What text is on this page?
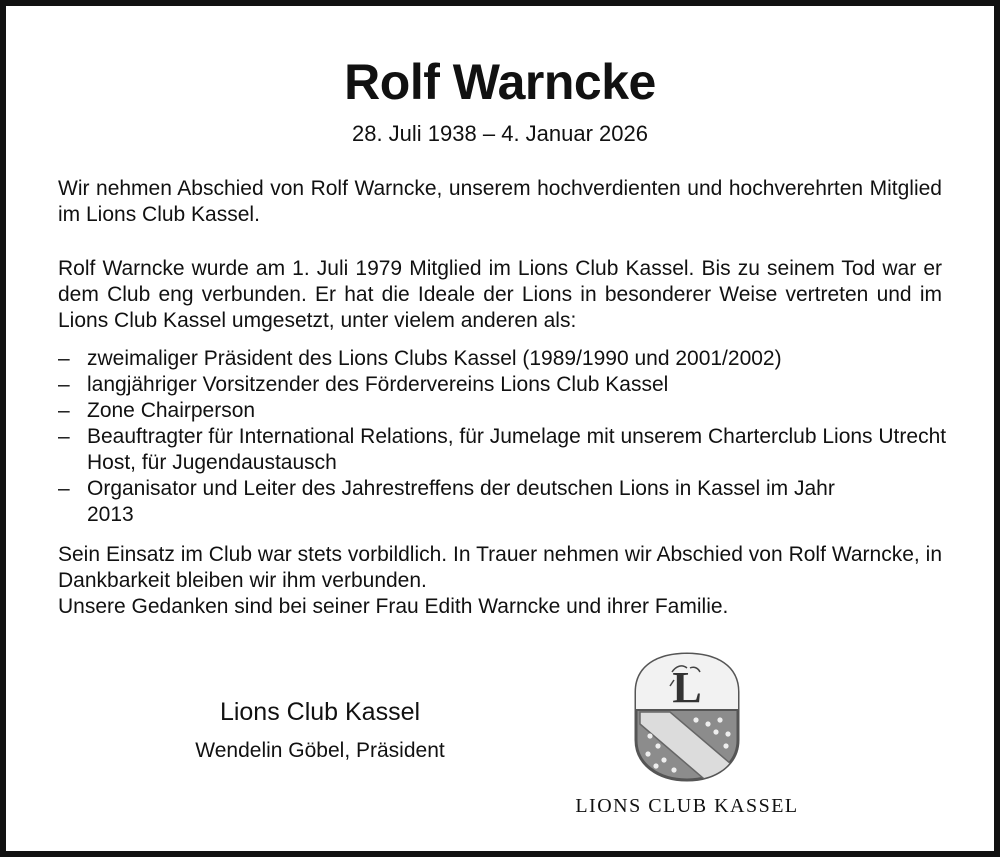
Rolf Warncke
28. Juli 1938 – 4. Januar 2026
Wir nehmen Abschied von Rolf Warncke, unserem hochverdienten und hochverehrten Mitglied im Lions Club Kassel.
Rolf Warncke wurde am 1. Juli 1979 Mitglied im Lions Club Kassel. Bis zu seinem Tod war er dem Club eng verbunden. Er hat die Ideale der Lions in besonderer Weise vertreten und im Lions Club Kassel umgesetzt, unter vielem anderen als:
– zweimaliger Präsident des Lions Clubs Kassel (1989/1990 und 2001/2002)
– langjähriger Vorsitzender des Fördervereins Lions Club Kassel
– Zone Chairperson
– Beauftragter für International Relations, für Jumelage mit unserem Charterclub Lions Utrecht Host, für Jugendaustausch
– Organisator und Leiter des Jahrestreffens der deutschen Lions in Kassel im Jahr 2013
Sein Einsatz im Club war stets vorbildlich. In Trauer nehmen wir Abschied von Rolf Warncke, in Dankbarkeit bleiben wir ihm verbunden.
Unsere Gedanken sind bei seiner Frau Edith Warncke und ihrer Familie.
Lions Club Kassel
Wendelin Göbel, Präsident
L
LIONS CLUB KASSEL
